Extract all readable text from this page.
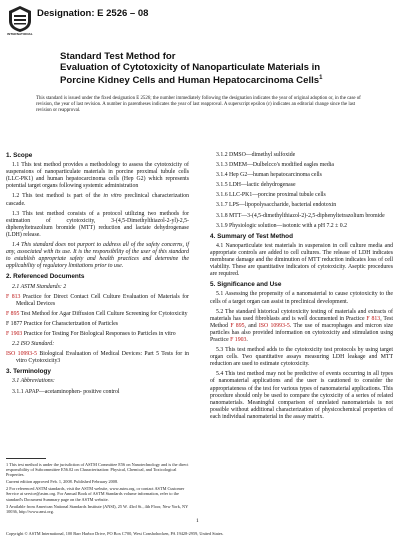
INTERNATIONAL
Designation: E 2526 – 08
Standard Test Method for
Evaluation of Cytotoxicity of Nanoparticulate Materials in
Porcine Kidney Cells and Human Hepatocarcinoma Cells$^1$

This standard is issued under the fixed designation E 2526; the number immediately following the designation indicates the year of original adoption or, in the case of revision, the year of last revision. A number in parentheses indicates the year of last reapproval. A superscript epsilon (ε) indicates an editorial change since the last revision or reapproval.

1. Scope

1.1 This test method provides a methodology to assess the cytotoxicity of suspensions of nanoparticulate materials in porcine proximal tubule cells (LLC-PK1) and human hepatocarcinoma cells (Hep G2) which represents potential target organs following systemic administration

1.2 This test method is part of the in vitro preclinical characterization cascade.

1.3 This test method consists of a protocol utilizing two methods for estimation of cytotoxicity, 3-(4,5-Dimethylthiazol-2-yl)-2,5-diphenyltetrazolium bromide (MTT) reduction and lactate dehydrogenase (LDH) release.

1.4 This standard does not purport to address all of the safety concerns, if any, associated with its use. It is the responsibility of the user of this standard to establish appropriate safety and health practices and determine the applicability of regulatory limitations prior to use.

2. Referenced Documents

2.1 ASTM Standards: 2

F 813 Practice for Direct Contact Cell Culture Evaluation of Materials for Medical Devices

F 895 Test Method for Agar Diffusion Cell Culture Screening for Cytotoxicity

F 1877 Practice for Characterization of Particles

F 1903 Practice for Testing For Biological Responses to Particles in vitro

2.2 ISO Standard:

ISO 10993-5 Biological Evaluation of Medical Devices: Part 5 Tests for in vitro Cytotoxicity3

3. Terminology

3.1 Abbreviations:

3.1.1 APAP—acetaminophen- positive control

1 This test method is under the jurisdiction of ASTM Committee E56 on Nanotechnology and is the direct responsibility of Subcommittee E56.02 on Characterization: Physical, Chemical, and Toxicological Properties.

Current edition approved Feb. 1, 2008. Published February 2008.

2 For referenced ASTM standards, visit the ASTM website, www.astm.org, or contact ASTM Customer Service at service@astm.org. For Annual Book of ASTM Standards volume information, refer to the standard's Document Summary page on the ASTM website.

3 Available from American National Standards Institute (ANSI), 25 W. 43rd St., 4th Floor, New York, NY 10036, http://www.ansi.org.

3.1.2 DMSO—dimethyl sulfoxide

3.1.3 DMEM—Dulbelcco's modified eagles media

3.1.4 Hep G2—human hepatocarcinoma cells

3.1.5 LDH—lactic dehydrogenase

3.1.6 LLC-PK1—porcine proximal tubule cells

3.1.7 LPS—lipopolysaccharide, bacterial endotoxin

3.1.8 MTT—3-(4,5-dimethylthiazol-2)-2,5-diphenyltetrazolium bromide

3.1.9 Physiologic solution—isotonic with a pH 7.2 ± 0.2

4. Summary of Test Method

4.1 Nanoparticulate test materials in suspension in cell culture media and appropriate controls are added to cell cultures. The release of LDH indicates membrane damage and the diminution of MTT reduction indicates loss of cell viability. These are quantitative indicators of cytotoxicity. Aseptic procedures are required.

5. Significance and Use

5.1 Assessing the propensity of a nanomaterial to cause cytotoxicity to the cells of a target organ can assist in preclinical development.

5.2 The standard historical cytotoxicity testing of materials and extracts of materials has used fibroblasts and is well documented in Practice F 813, Test Method F 895, and ISO 10993-5. The use of macrophages and micron size particles has also provided information on cytotoxicity and stimulation using Practice F 1903.

5.3 This test method adds to the cytotoxicity test protocols by using target organ cells. Two quantitative assays measuring LDH leakage and MTT reduction are used to estimate cytotoxicity.

5.4 This test method may not be predictive of events occurring in all types of nanomaterial applications and the user is cautioned to consider the appropriateness of the test for various types of nanomaterial applications. This procedure should only be used to compare the cytoxicity of a series of related nanomaterials. Meaningful comparison of unrelated nanomaterials is not possible without additional characterization of physicochemical properties of each individual nanomaterial in the assay matrix.

1
Copyright © ASTM International, 100 Barr Harbor Drive, PO Box C700, West Conshohocken, PA 19428-2959, United States.
